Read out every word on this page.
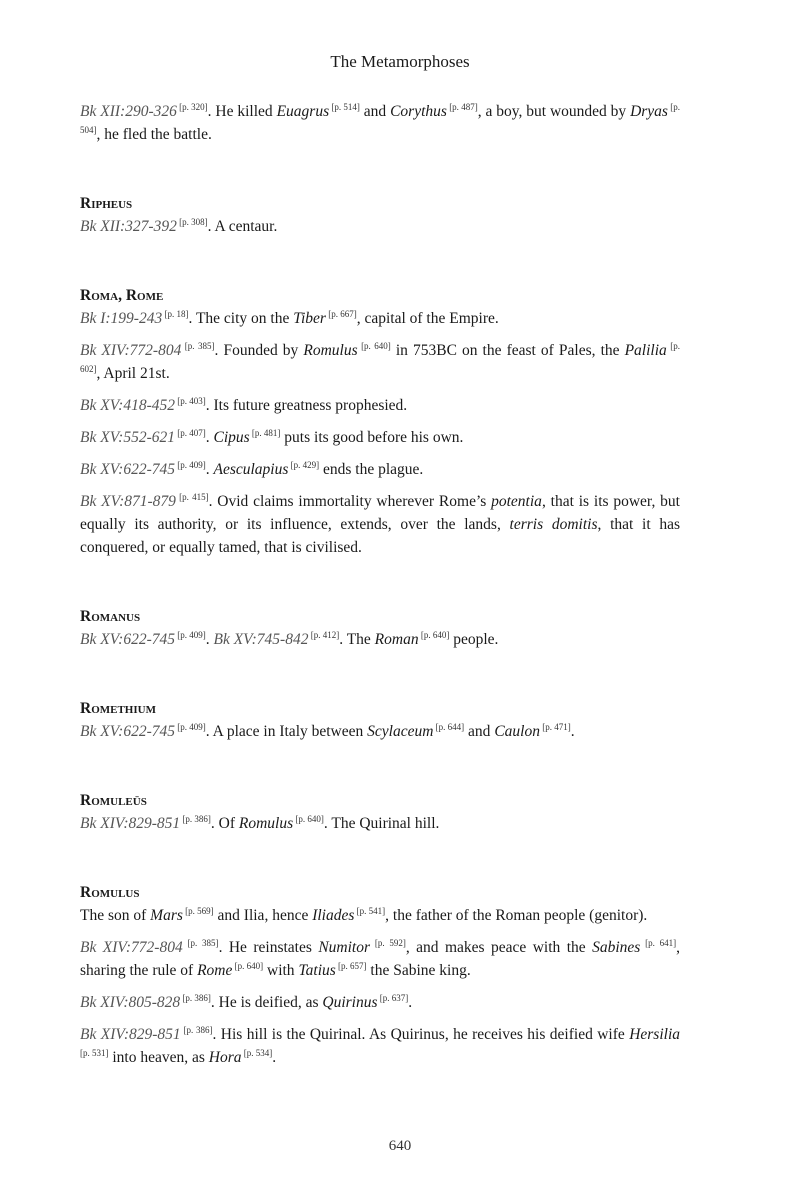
The Metamorphoses

Bk XII:290-326 [p. 320]. He killed Euagrus [p. 514] and Corythus [p. 487], a boy, but wounded by Dryas [p. 504], he fled the battle.

Ripheus

Bk XII:327-392 [p. 308]. A centaur.

Roma, Rome

Bk I:199-243 [p. 18]. The city on the Tiber [p. 667], capital of the Empire.

Bk XIV:772-804 [p. 385]. Founded by Romulus [p. 640] in 753BC on the feast of Pales, the Palilia [p. 602], April 21st.

Bk XV:418-452 [p. 403]. Its future greatness prophesied.

Bk XV:552-621 [p. 407]. Cipus [p. 481] puts its good before his own.

Bk XV:622-745 [p. 409]. Aesculapius [p. 429] ends the plague.

Bk XV:871-879 [p. 415]. Ovid claims immortality wherever Rome’s potentia, that is its power, but equally its authority, or its influence, extends, over the lands, terris domitis, that it has conquered, or equally tamed, that is civilised.

Romanus

Bk XV:622-745 [p. 409]. Bk XV:745-842 [p. 412]. The Roman [p. 640] people.

Romethium

Bk XV:622-745 [p. 409]. A place in Italy between Scylaceum [p. 644] and Caulon [p. 471].

Romuleüs

Bk XIV:829-851 [p. 386]. Of Romulus [p. 640]. The Quirinal hill.

Romulus

The son of Mars [p. 569] and Ilia, hence Iliades [p. 541], the father of the Roman people (genitor).

Bk XIV:772-804 [p. 385]. He reinstates Numitor [p. 592], and makes peace with the Sabines [p. 641], sharing the rule of Rome [p. 640] with Tatius [p. 657] the Sabine king.

Bk XIV:805-828 [p. 386]. He is deified, as Quirinus [p. 637].

Bk XIV:829-851 [p. 386]. His hill is the Quirinal. As Quirinus, he receives his deified wife Hersilia [p. 531] into heaven, as Hora [p. 534].

640
